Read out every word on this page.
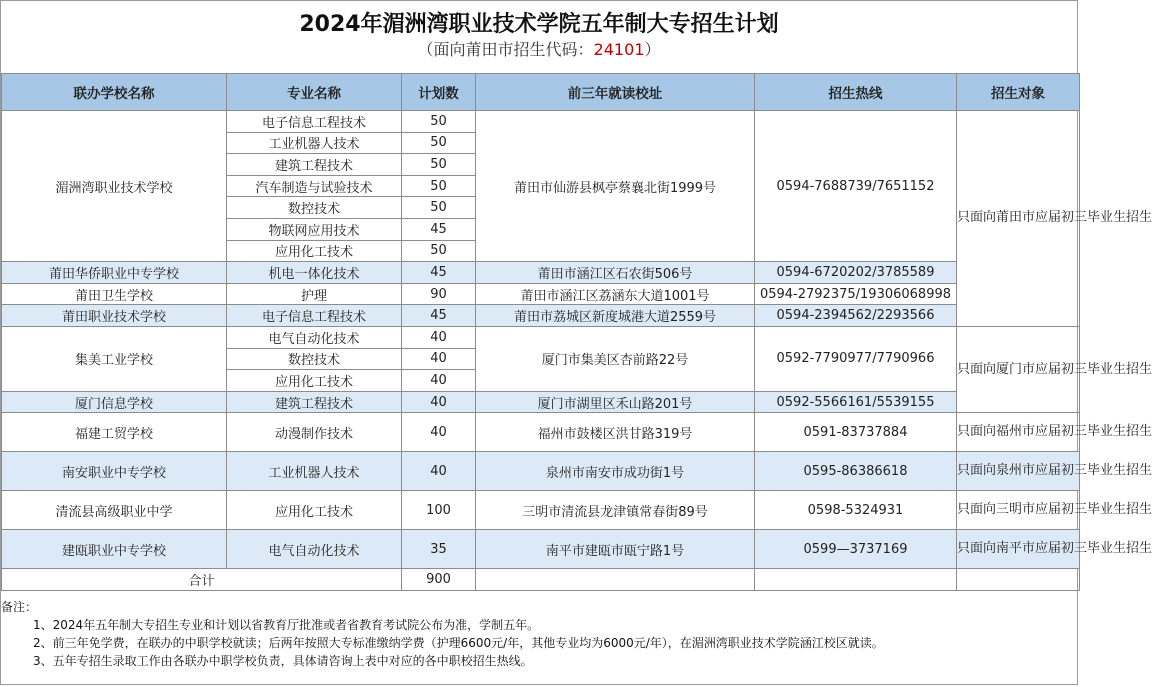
2024年湄洲湾职业技术学院五年制大专招生计划
（面向莆田市招生代码：24101）
联办学校名称	专业名称	计划数	前三年就读校址	招生热线	招生对象
湄洲湾职业技术学校	电子信息工程技术	50	莆田市仙游县枫亭蔡襄北街1999号	0594-7688739/7651152	只面向莆田市应届初三毕业生招生
	工业机器人技术	50			
	建筑工程技术	50			
	汽车制造与试验技术	50			
	数控技术	50			
	物联网应用技术	45			
	应用化工技术	50			
莆田华侨职业中专学校	机电一体化技术	45	莆田市涵江区石农街506号	0594-6720202/3785589	
莆田卫生学校	护理	90	莆田市涵江区荔涵东大道1001号	0594-2792375/19306068998	
莆田职业技术学校	电子信息工程技术	45	莆田市荔城区新度城港大道2559号	0594-2394562/2293566	
集美工业学校	电气自动化技术	40	厦门市集美区杏前路22号	0592-7790977/7790966	只面向厦门市应届初三毕业生招生
	数控技术	40			
	应用化工技术	40			
厦门信息学校	建筑工程技术	40	厦门市湖里区禾山路201号	0592-5566161/5539155	
福建工贸学校	动漫制作技术	40	福州市鼓楼区洪甘路319号	0591-83737884	只面向福州市应届初三毕业生招生
南安职业中专学校	工业机器人技术	40	泉州市南安市成功街1号	0595-86386618	只面向泉州市应届初三毕业生招生
清流县高级职业中学	应用化工技术	100	三明市清流县龙津镇常春街89号	0598-5324931	只面向三明市应届初三毕业生招生
建瓯职业中专学校	电气自动化技术	35	南平市建瓯市瓯宁路1号	0599—3737169	只面向南平市应届初三毕业生招生
合计		900			
备注：
1、2024年五年制大专招生专业和计划以省教育厅批准或者省教育考试院公布为准，学制五年。
2、前三年免学费，在联办的中职学校就读；后两年按照大专标准缴纳学费（护理6600元/年，其他专业均为6000元/年），在湄洲湾职业技术学院涵江校区就读。
3、五年专招生录取工作由各联办中职学校负责，具体请咨询上表中对应的各中职校招生热线。
